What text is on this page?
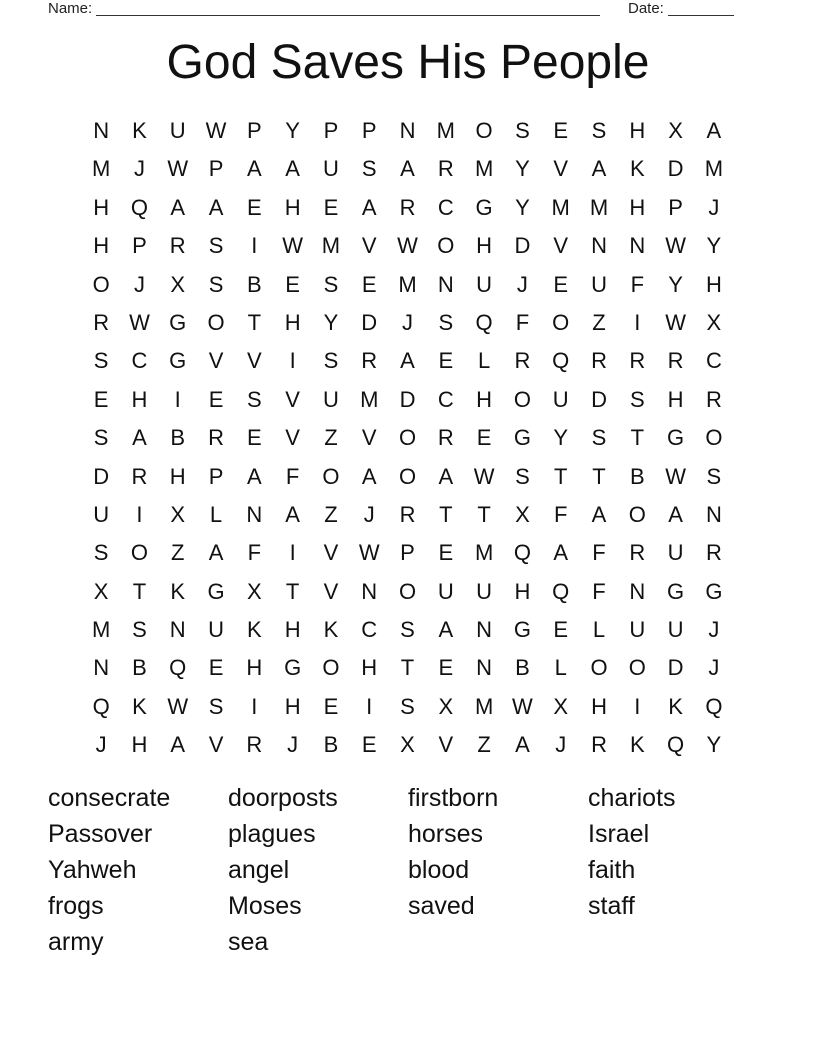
Name:	Date:
God Saves His People
N	K	U W P	Y	P	P	N M O	S	E	S	H	X	A
M	J	W P	A	A	U	S	A	R M Y	V	A	K	D M
H Q	A	A	E	H	E	A	R	C G	Y M M H	P	J
H	P	R	S	I	W M V W O H	D	V	N	N W Y
O	J	X	S	B	E	S	E M N	U	J	E	U	F	Y	H
R W G O	T	H	Y	D	J	S	Q	F	O	Z	I	W X
S	C G	V	V	I	S	R	A	E	L	R Q R	R	R	C
E	H	I	E	S	V	U M D	C	H O U	D	S	H	R
S	A	B	R	E	V	Z	V	O R	E	G	Y	S	T	G O
D	R	H	P	A	F	O	A	O	A W S	T	T	B W S
U	I	X	L	N	A	Z	J	R	T	T	X	F	A	O	A	N
S	O	Z	A	F	I	V W P	E M Q	A	F	R	U	R
X	T	K	G	X	T	V	N O U	U	H Q	F	N G G
M S	N	U	K	H	K	C	S	A	N G	E	L	U	U	J
N	B	Q	E	H G O H	T	E	N	B	L	O O D	J
Q	K W S	I	H	E	I	S	X M W X	H	I	K	Q
J	H	A	V	R	J	B	E	X	V	Z	A	J	R	K	Q	Y
consecrate	doorposts	firstborn	chariots
Passover	plagues	horses	Israel
Yahweh	angel	blood	faith
frogs	Moses	saved	staff
army	sea
